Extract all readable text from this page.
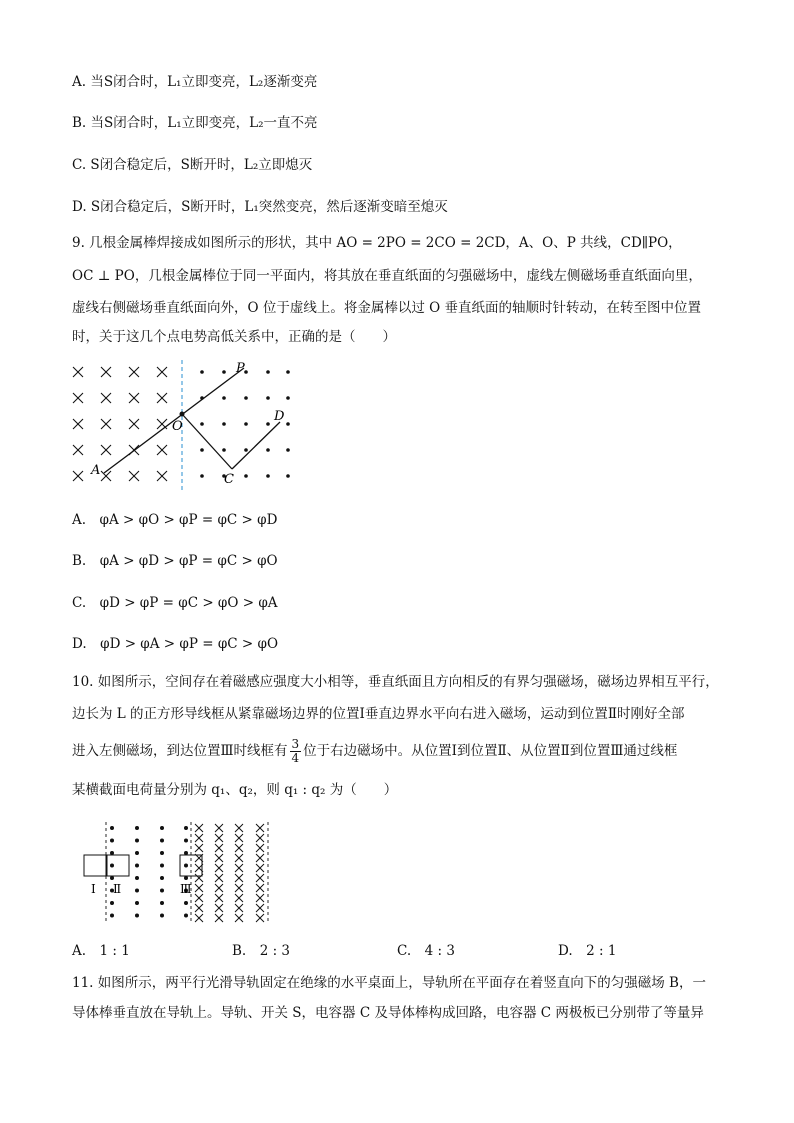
A. 当S闭合时，L₁立即变亮，L₂逐渐变亮
B. 当S闭合时，L₁立即变亮，L₂一直不亮
C. S闭合稳定后，S断开时，L₂立即熄灭
D. S闭合稳定后，S断开时，L₁突然变亮，然后逐渐变暗至熄灭
9. 几根金属棒焊接成如图所示的形状，其中 AO = 2PO = 2CO = 2CD，A、O、P 共线，CD∥PO，
OC ⊥ PO，几根金属棒位于同一平面内，将其放在垂直纸面的匀强磁场中，虚线左侧磁场垂直纸面向里，
虚线右侧磁场垂直纸面向外，O 位于虚线上。将金属棒以过 O 垂直纸面的轴顺时针转动，在转至图中位置
时，关于这几个点电势高低关系中，正确的是（　　）
P
O
D
A
C
A.　φA > φO > φP = φC > φD
B.　φA > φD > φP = φC > φO
C.　φD > φP = φC > φO > φA
D.　φD > φA > φP = φC > φO
10. 如图所示，空间存在着磁感应强度大小相等，垂直纸面且方向相反的有界匀强磁场，磁场边界相互平行，
边长为 L 的正方形导线框从紧靠磁场边界的位置Ⅰ垂直边界水平向右进入磁场，运动到位置Ⅱ时刚好全部
进入左侧磁场，到达位置Ⅲ时线框有 $\frac{3}{4}$ 位于右边磁场中。从位置Ⅰ到位置Ⅱ、从位置Ⅱ到位置Ⅲ通过线框
某横截面电荷量分别为 q₁、q₂，则 q₁ : q₂ 为（　　）
Ⅰ Ⅱ	Ⅲ
A.　1 : 1	B.　2 : 3	C.　4 : 3	D.　2 : 1
11. 如图所示，两平行光滑导轨固定在绝缘的水平桌面上，导轨所在平面存在着竖直向下的匀强磁场 B，一
导体棒垂直放在导轨上。导轨、开关 S，电容器 C 及导体棒构成回路，电容器 C 两极板已分别带了等量异
